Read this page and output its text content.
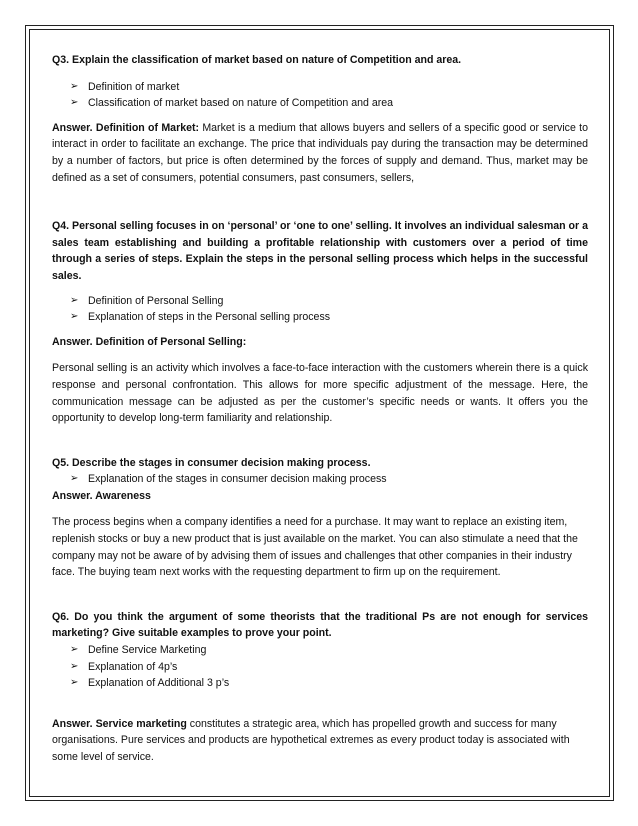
Q3. Explain the classification of market based on nature of Competition and area.

➢ Definition of market
➢ Classification of market based on nature of Competition and area

Answer. Definition of Market: Market is a medium that allows buyers and sellers of a specific good or service to interact in order to facilitate an exchange. The price that individuals pay during the transaction may be determined by a number of factors, but price is often determined by the forces of supply and demand. Thus, market may be defined as a set of consumers, potential consumers, past consumers, sellers,

Q4. Personal selling focuses in on ‘personal’ or ‘one to one’ selling. It involves an individual salesman or a sales team establishing and building a profitable relationship with customers over a period of time through a series of steps. Explain the steps in the personal selling process which helps in the successful sales.

➢ Definition of Personal Selling
➢ Explanation of steps in the Personal selling process

Answer. Definition of Personal Selling:

Personal selling is an activity which involves a face-to-face interaction with the customers wherein there is a quick response and personal confrontation. This allows for more specific adjustment of the message. Here, the communication message can be adjusted as per the customer’s specific needs or wants. It offers you the opportunity to develop long-term familiarity and relationship.

Q5. Describe the stages in consumer decision making process.

➢ Explanation of the stages in consumer decision making process

Answer. Awareness

The process begins when a company identifies a need for a purchase. It may want to replace an existing item, replenish stocks or buy a new product that is just available on the market. You can also stimulate a need that the company may not be aware of by advising them of issues and challenges that other companies in their industry face. The buying team next works with the requesting department to firm up on the requirement.

Q6. Do you think the argument of some theorists that the traditional Ps are not enough for services marketing? Give suitable examples to prove your point.

➢ Define Service Marketing
➢ Explanation of 4p’s
➢ Explanation of Additional 3 p’s

Answer. Service marketing constitutes a strategic area, which has propelled growth and success for many organisations. Pure services and products are hypothetical extremes as every product today is associated with some level of service.
